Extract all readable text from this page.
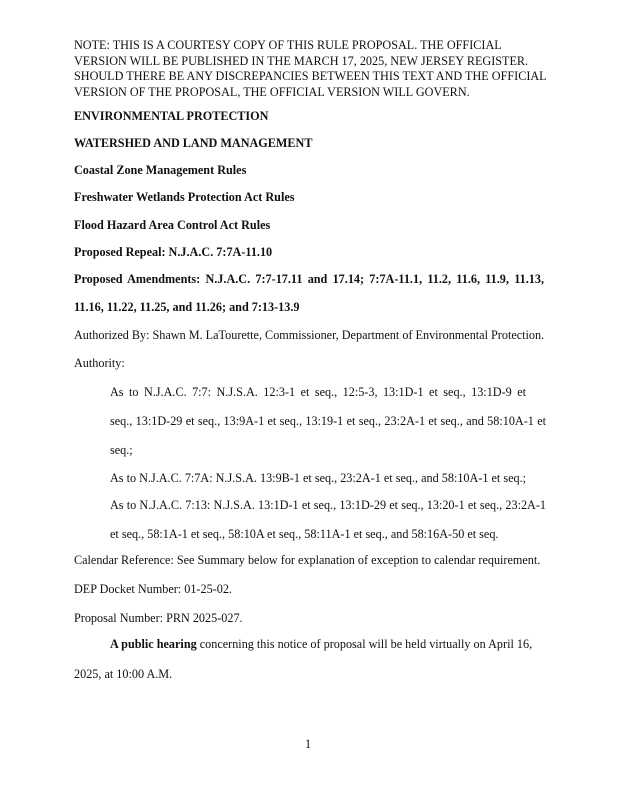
NOTE: THIS IS A COURTESY COPY OF THIS RULE PROPOSAL. THE OFFICIAL VERSION WILL BE PUBLISHED IN THE MARCH 17, 2025, NEW JERSEY REGISTER. SHOULD THERE BE ANY DISCREPANCIES BETWEEN THIS TEXT AND THE OFFICIAL VERSION OF THE PROPOSAL, THE OFFICIAL VERSION WILL GOVERN.
ENVIRONMENTAL PROTECTION
WATERSHED AND LAND MANAGEMENT
Coastal Zone Management Rules
Freshwater Wetlands Protection Act Rules
Flood Hazard Area Control Act Rules
Proposed Repeal: N.J.A.C. 7:7A-11.10
Proposed Amendments: N.J.A.C. 7:7-17.11 and 17.14; 7:7A-11.1, 11.2, 11.6, 11.9, 11.13,
11.16, 11.22, 11.25, and 11.26; and 7:13-13.9
Authorized By: Shawn M. LaTourette, Commissioner, Department of Environmental Protection.
Authority:
As to N.J.A.C. 7:7: N.J.S.A. 12:3-1 et seq., 12:5-3, 13:1D-1 et seq., 13:1D-9 et
seq., 13:1D-29 et seq., 13:9A-1 et seq., 13:19-1 et seq., 23:2A-1 et seq., and 58:10A-1 et
seq.;
As to N.J.A.C. 7:7A: N.J.S.A. 13:9B-1 et seq., 23:2A-1 et seq., and 58:10A-1 et seq.;
As to N.J.A.C. 7:13: N.J.S.A. 13:1D-1 et seq., 13:1D-29 et seq., 13:20-1 et seq., 23:2A-1
et seq., 58:1A-1 et seq., 58:10A et seq., 58:11A-1 et seq., and 58:16A-50 et seq.
Calendar Reference: See Summary below for explanation of exception to calendar requirement.
DEP Docket Number: 01-25-02.
Proposal Number: PRN 2025-027.
A public hearing concerning this notice of proposal will be held virtually on April 16,
2025, at 10:00 A.M.
1
